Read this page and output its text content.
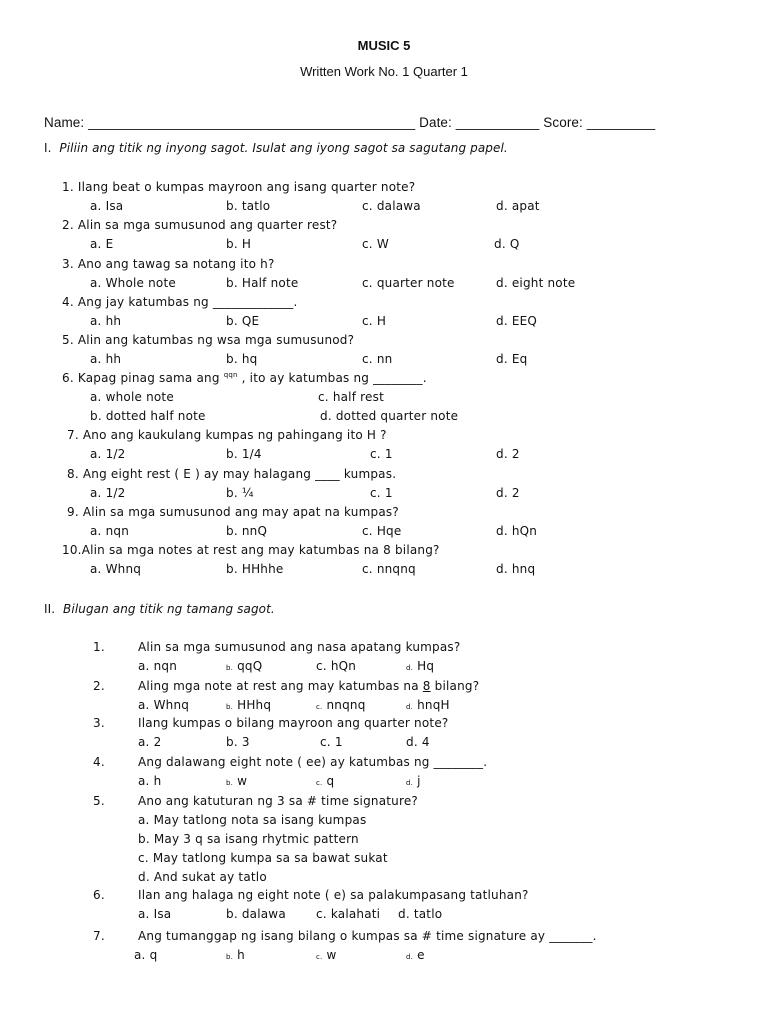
MUSIC 5
Written Work No. 1 Quarter 1
Name: ___________________________________________ Date: ___________ Score: _________
I. Piliin ang titik ng inyong sagot. Isulat ang iyong sagot sa sagutang papel.
1. Ilang beat o kumpas mayroon ang isang quarter note?
a. Isa	b. tatlo	c. dalawa	d. apat
2. Alin sa mga sumusunod ang quarter rest?
a. E	b. H	c. W	d. Q
3. Ano ang tawag sa notang ito h?
a. Whole note	b. Half note	c. quarter note	d. eight note
4. Ang jay katumbas ng _____________.
a. hh	b. QE	c. H	d. EEQ
5. Alin ang katumbas ng wsa mga sumusunod?
a. hh	b. hq	c. nn	d. Eq
6. Kapag pinag sama ang $^{qqn}$ , ito ay katumbas ng ________.
a. whole note	c. half rest
b. dotted half note	d. dotted quarter note
7. Ano ang kaukulang kumpas ng pahingang ito H ?
a. 1/2	b. 1/4	c. 1	d. 2
8. Ang eight rest ( E ) ay may halagang ____ kumpas.
a. 1/2	b. ¼	c. 1	d. 2
9. Alin sa mga sumusunod ang may apat na kumpas?
a. nqn	b. nnQ	c. Hqe	d. hQn
10.Alin sa mga notes at rest ang may katumbas na 8 bilang?
a. Whnq	b. HHhhe	c. nnqnq	d. hnq
II. Bilugan ang titik ng tamang sagot.
1.	Alin sa mga sumusunod ang nasa apatang kumpas?
a. nqn	b. qqQ	c. hQn	d. Hq
2.	Aling mga note at rest ang may katumbas na 8 bilang?
a. Whnq	b. HHhq	c. nnqnq	d. hnqH
3.	Ilang kumpas o bilang mayroon ang quarter note?
a. 2	b. 3	c. 1	d. 4
4.	Ang dalawang eight note ( ee) ay katumbas ng ________.
a. h	b. w	c. q	d. j
5.	Ano ang katuturan ng 3 sa # time signature?
a. May tatlong nota sa isang kumpas
b. May 3 q sa isang rhytmic pattern
c. May tatlong kumpa sa sa bawat sukat
d. And sukat ay tatlo
6.	Ilan ang halaga ng eight note ( e) sa palakumpasang tatluhan?
a. Isa	b. dalawa	c. kalahati d. tatlo
7.	Ang tumanggap ng isang bilang o kumpas sa # time signature ay _______.
a. q	b. h	c. w	d. e
